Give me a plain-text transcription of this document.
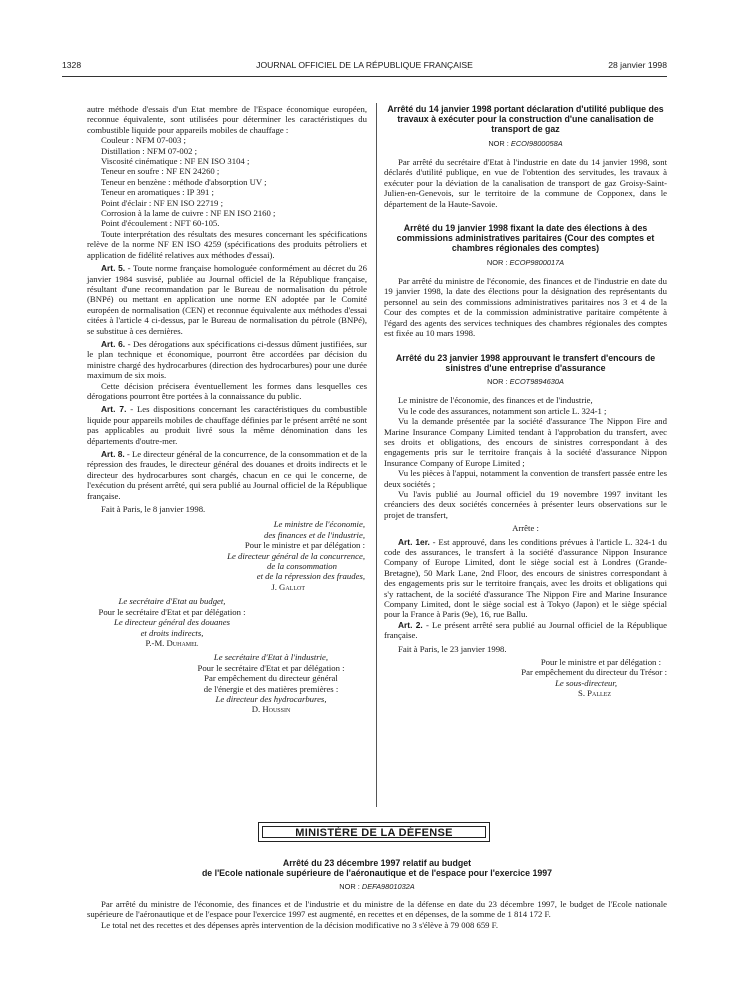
1328	JOURNAL OFFICIEL DE LA RÉPUBLIQUE FRANÇAISE	28 janvier 1998

autre méthode d'essais d'un Etat membre de l'Espace économique européen, reconnue équivalente, sont utilisées pour déterminer les caractéristiques du combustible liquide pour appareils mobiles de chauffage :

Couleur : NFM 07-003 ;

Distillation : NFM 07-002 ;

Viscosité cinématique : NF EN ISO 3104 ;

Teneur en soufre : NF EN 24260 ;

Teneur en benzène : méthode d'absorption UV ;

Teneur en aromatiques : IP 391 ;

Point d'éclair : NF EN ISO 22719 ;

Corrosion à la lame de cuivre : NF EN ISO 2160 ;

Point d'écoulement : NFT 60-105.

Toute interprétation des résultats des mesures concernant les spécifications relève de la norme NF EN ISO 4259 (spécifications des produits pétroliers et application de fidélité relatives aux méthodes d'essai).

Art. 5. - Toute norme française homologuée conformément au décret du 26 janvier 1984 susvisé, publiée au Journal officiel de la République française, résultant d'une recommandation par le Bureau de normalisation du pétrole (BNPé) ou mettant en application une norme EN adoptée par le Comité européen de normalisation (CEN) et reconnue équivalente aux méthodes d'essai citées à l'article 4 ci-dessus, par le Bureau de normalisation du pétrole (BNPé), se substitue à ces dernières.

Art. 6. - Des dérogations aux spécifications ci-dessus dûment justifiées, sur le plan technique et économique, pourront être accordées par décision du ministre chargé des hydrocarbures (direction des hydrocarbures) pour une durée maximum de six mois.

Cette décision précisera éventuellement les formes dans lesquelles ces dérogations pourront être portées à la connaissance du public.

Art. 7. - Les dispositions concernant les caractéristiques du combustible liquide pour appareils mobiles de chauffage définies par le présent arrêté ne sont pas applicables au produit livré sous la même dénomination dans les départements d'outre-mer.

Art. 8. - Le directeur général de la concurrence, de la consommation et de la répression des fraudes, le directeur général des douanes et droits indirects et le directeur des hydrocarbures sont chargés, chacun en ce qui le concerne, de l'exécution du présent arrêté, qui sera publié au Journal officiel de la République française.

Fait à Paris, le 8 janvier 1998.

Le ministre de l'économie,

des finances et de l'industrie,

Pour le ministre et par délégation :

Le directeur général de la concurrence,

de la consommation

et de la répression des fraudes,

J. Gallot

Le secrétaire d'Etat au budget,

Pour le secrétaire d'Etat et par délégation :

Le directeur général des douanes

et droits indirects,

P.-M. Duhamel

Le secrétaire d'Etat à l'industrie,

Pour le secrétaire d'Etat et par délégation :

Par empêchement du directeur général

de l'énergie et des matières premières :

Le directeur des hydrocarbures,

D. Houssin

Arrêté du 14 janvier 1998 portant déclaration d'utilité publique des travaux à exécuter pour la construction d'une canalisation de transport de gaz
NOR : ECOI9800058A

Par arrêté du secrétaire d'Etat à l'industrie en date du 14 janvier 1998, sont déclarés d'utilité publique, en vue de l'obtention des servitudes, les travaux à exécuter pour la déviation de la canalisation de transport de gaz Groisy-Saint-Julien-en-Genevois, sur le territoire de la commune de Copponex, dans le département de la Haute-Savoie.

Arrêté du 19 janvier 1998 fixant la date des élections à des commissions administratives paritaires (Cour des comptes et chambres régionales des comptes)
NOR : ECOP9800017A

Par arrêté du ministre de l'économie, des finances et de l'industrie en date du 19 janvier 1998, la date des élections pour la désignation des représentants du personnel au sein des commissions administratives paritaires nos 3 et 4 de la Cour des comptes et de la commission administrative paritaire compétente à l'égard des agents des services techniques des chambres régionales des comptes est fixée au 10 mars 1998.

Arrêté du 23 janvier 1998 approuvant le transfert d'encours de sinistres d'une entreprise d'assurance
NOR : ECOT9894630A

Le ministre de l'économie, des finances et de l'industrie,

Vu le code des assurances, notamment son article L. 324-1 ;

Vu la demande présentée par la société d'assurance The Nippon Fire and Marine Insurance Company Limited tendant à l'approbation du transfert, avec ses droits et obligations, des encours de sinistres correspondant à des engagements pris sur le territoire français à la société d'assurance Nippon Insurance Company of Europe Limited ;

Vu les pièces à l'appui, notamment la convention de transfert passée entre les deux sociétés ;

Vu l'avis publié au Journal officiel du 19 novembre 1997 invitant les créanciers des deux sociétés concernées à présenter leurs observations sur le projet de transfert,

Arrête :

Art. 1er. - Est approuvé, dans les conditions prévues à l'article L. 324-1 du code des assurances, le transfert à la société d'assurance Nippon Insurance Company of Europe Limited, dont le siège social est à Londres (Grande-Bretagne), 50 Mark Lane, 2nd Floor, des encours de sinistres correspondant à des engagements pris sur le territoire français, avec les droits et obligations qui s'y rattachent, de la société d'assurance The Nippon Fire and Marine Insurance Company Limited, dont le siège social est à Tokyo (Japon) et le siège spécial pour la France à Paris (9e), 16, rue Ballu.

Art. 2. - Le présent arrêté sera publié au Journal officiel de la République française.

Fait à Paris, le 23 janvier 1998.

Pour le ministre et par délégation :

Par empêchement du directeur du Trésor :

Le sous-directeur,

S. Pallez

MINISTÈRE DE LA DÉFENSE
Arrêté du 23 décembre 1997 relatif au budget
de l'Ecole nationale supérieure de l'aéronautique et de l'espace pour l'exercice 1997
NOR : DEFA9801032A

Par arrêté du ministre de l'économie, des finances et de l'industrie et du ministre de la défense en date du 23 décembre 1997, le budget de l'Ecole nationale supérieure de l'aéronautique et de l'espace pour l'exercice 1997 est augmenté, en recettes et en dépenses, de la somme de 1 814 172 F.

Le total net des recettes et des dépenses après intervention de la décision modificative no 3 s'élève à 79 008 659 F.
